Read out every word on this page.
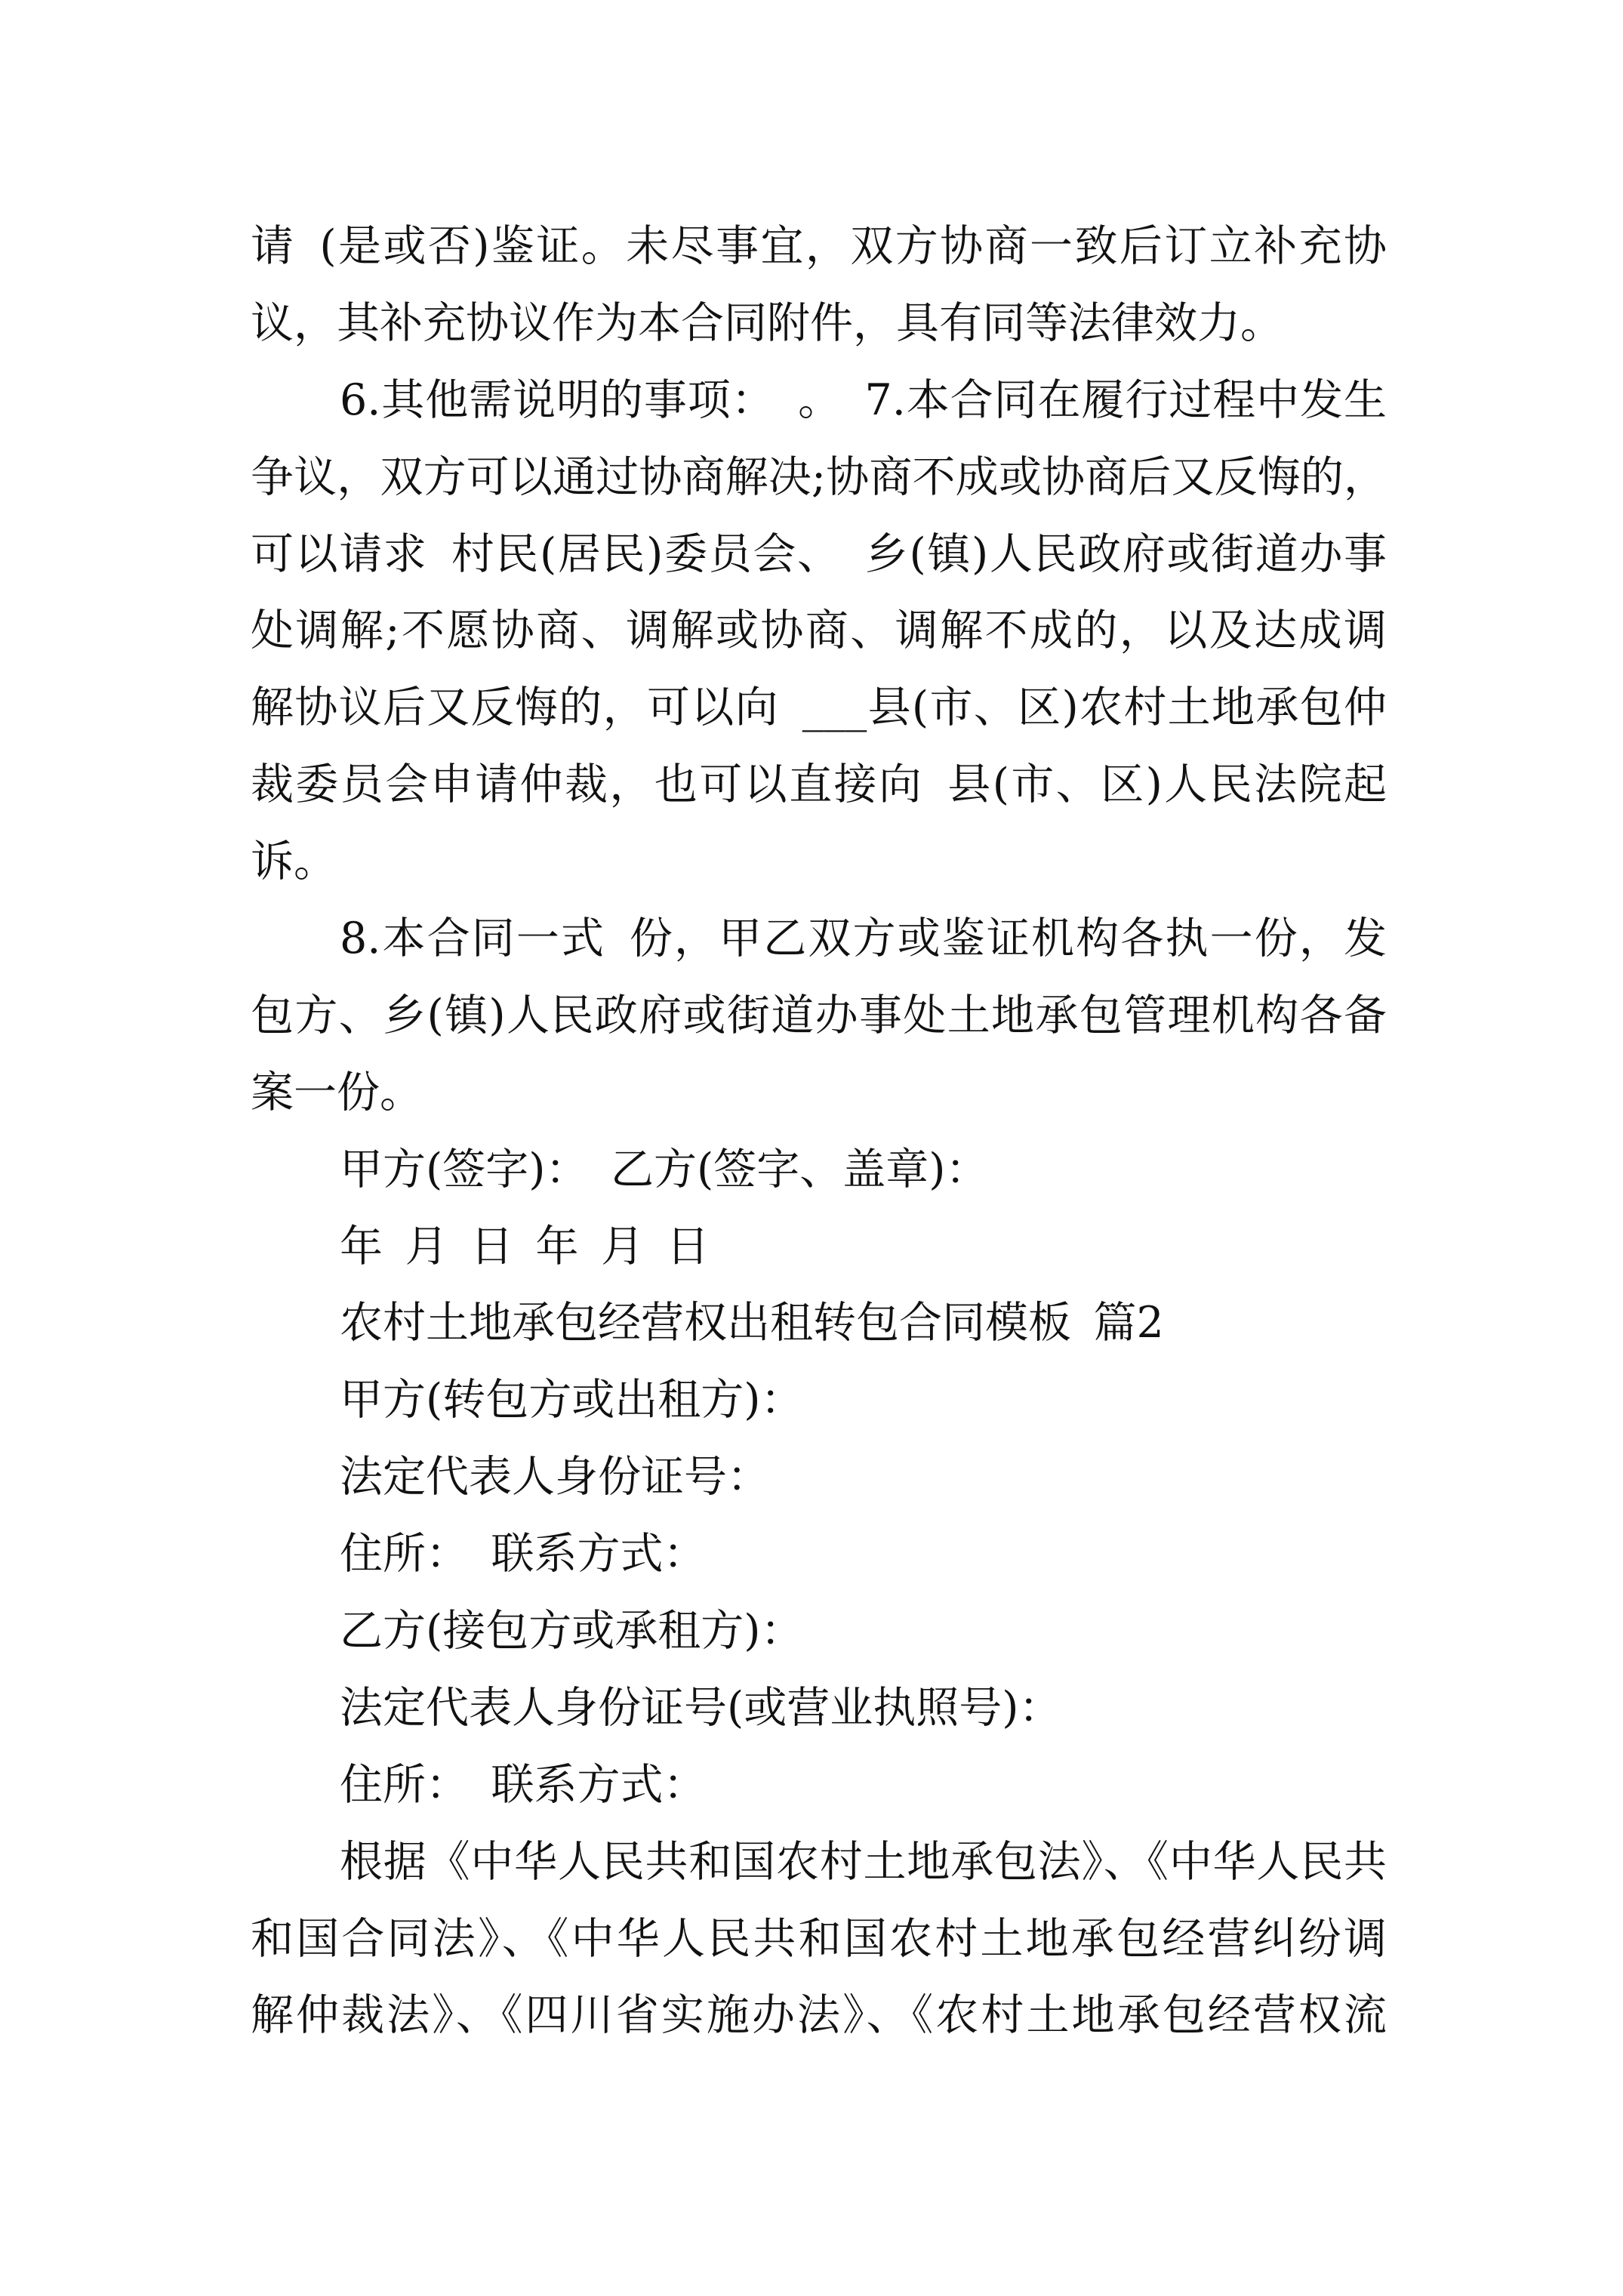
请 (是或否)鉴证。未尽事宜，双方协商一致后订立补充协
议，其补充协议作为本合同附件，具有同等法律效力。
6.其他需说明的事项： 。 7.本合同在履行过程中发生
争议，双方可以通过协商解决;协商不成或协商后又反悔的，
可以请求 村民(居民)委员会、 乡(镇)人民政府或街道办事
处调解;不愿协商、调解或协商、调解不成的，以及达成调
解协议后又反悔的，可以向 ___县(市、区)农村土地承包仲
裁委员会申请仲裁，也可以直接向 县(市、区)人民法院起
诉。
8.本合同一式 份，甲乙双方或鉴证机构各执一份，发
包方、乡(镇)人民政府或街道办事处土地承包管理机构各备
案一份。
甲方(签字)： 乙方(签字、盖章)：
年 月 日 年 月 日
农村土地承包经营权出租转包合同模板 篇2
甲方(转包方或出租方)：
法定代表人身份证号：
住所： 联系方式：
乙方(接包方或承租方)：
法定代表人身份证号(或营业执照号)：
住所： 联系方式：
根据《中华人民共和国农村土地承包法》、《中华人民共
和国合同法》、《中华人民共和国农村土地承包经营纠纷调
解仲裁法》、《四川省实施办法》、《农村土地承包经营权流
